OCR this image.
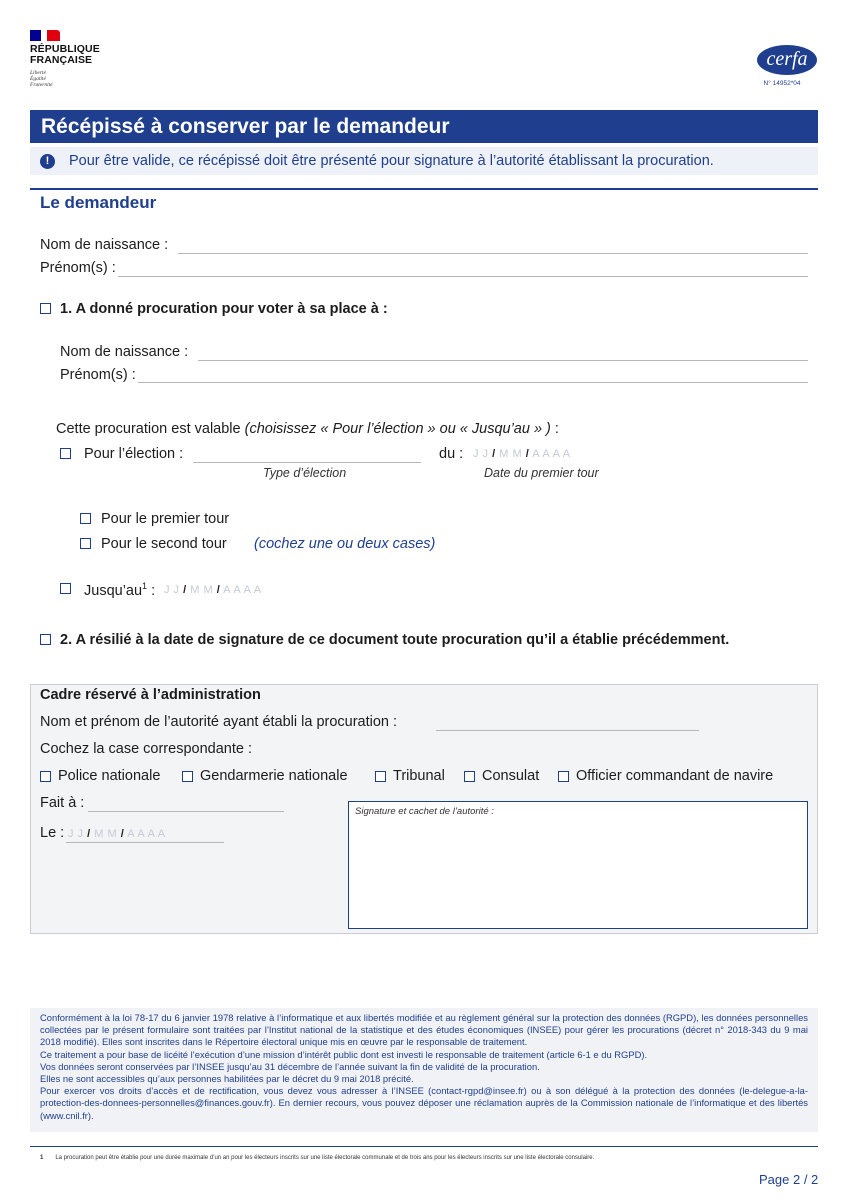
RÉPUBLIQUE
FRANÇAISE
Liberté
Égalité
Fraternité
cerfa
N° 14952*04
Récépissé à conserver par le demandeur
!	Pour être valide, ce récépissé doit être présenté pour signature à l’autorité établissant la procuration.
Le demandeur
Nom de naissance :
Prénom(s) :
1. A donné procuration pour voter à sa place à :
Nom de naissance :
Prénom(s) :
Cette procuration est valable (choisissez « Pour l’élection » ou « Jusqu’au » ) :
Pour l’élection :
Type d’élection
du : J J / M M / A A A A
Date du premier tour
Pour le premier tour
Pour le second tour (cochez une ou deux cases)
$Jusqu’au^1$ : J J / M M / A A A A
2. A résilié à la date de signature de ce document toute procuration qu’il a établie précédemment.
Cadre réservé à l’administration
Nom et prénom de l’autorité ayant établi la procuration :
Cochez la case correspondante :
Police nationale	Gendarmerie nationale	Tribunal	Consulat	Officier commandant de navire
Fait à :
Le : J J / M M / A A A A
Signature et cachet de l’autorité :

Conformément à la loi 78-17 du 6 janvier 1978 relative à l’informatique et aux libertés modifiée et au règlement général sur la protection des données (RGPD), les données personnelles collectées par le présent formulaire sont traitées par l’Institut national de la statistique et des études économiques (INSEE) pour gérer les procurations (décret n° 2018-343 du 9 mai 2018 modifié). Elles sont inscrites dans le Répertoire électoral unique mis en œuvre par le responsable de traitement.

Ce traitement a pour base de licéité l’exécution d’une mission d’intérêt public dont est investi le responsable de traitement (article 6-1 e du RGPD).

Vos données seront conservées par l’INSEE jusqu’au 31 décembre de l’année suivant la fin de validité de la procuration.

Elles ne sont accessibles qu’aux personnes habilitées par le décret du 9 mai 2018 précité.

Pour exercer vos droits d’accès et de rectification, vous devez vous adresser à l’INSEE (contact-rgpd@insee.fr) ou à son délégué à la protection des données (le-delegue-a-la-protection-des-donnees-personnelles@finances.gouv.fr). En dernier recours, vous pouvez déposer une réclamation auprès de la Commission nationale de l’informatique et des libertés (www.cnil.fr).

1 La procuration peut être établie pour une durée maximale d’un an pour les électeurs inscrits sur une liste électorale communale et de trois ans pour les électeurs inscrits sur une liste électorale consulaire.
Page 2 / 2
